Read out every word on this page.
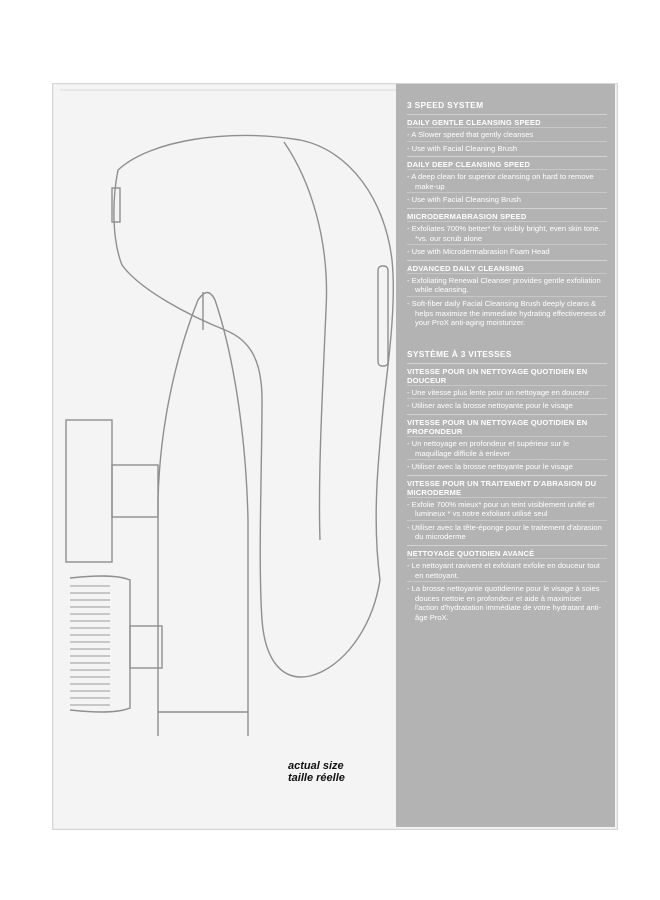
actual size
taille réelle
3 SPEED SYSTEM
DAILY GENTLE CLEANSING SPEED
- A Slower speed that gently cleanses
- Use with Facial Cleaning Brush
DAILY DEEP CLEANSING SPEED
- A deep clean for superior cleansing on hard to remove make-up
- Use with Facial Cleansing Brush
MICRODERMABRASION SPEED
- Exfoliates 700% better* for visibly bright, even skin tone. *vs. our scrub alone
- Use with Microdermabrasion Foam Head
ADVANCED DAILY CLEANSING
- Exfoliating Renewal Cleanser provides gentle exfoliation while cleansing.
- Soft-fiber daily Facial Cleansing Brush deeply cleans & helps maximize the immediate hydrating effectiveness of your ProX anti-aging moisturizer.
SYSTÈME À 3 VITESSES
VITESSE POUR UN NETTOYAGE QUOTIDIEN EN DOUCEUR
- Une vitesse plus lente pour un nettoyage en douceur
- Utiliser avec la brosse nettoyante pour le visage
VITESSE POUR UN NETTOYAGE QUOTIDIEN EN PROFONDEUR
- Un nettoyage en profondeur et supérieur sur le maquillage difficile à enlever
- Utiliser avec la brosse nettoyante pour le visage
VITESSE POUR UN TRAITEMENT D'ABRASION DU MICRODERME
- Exfolie 700% mieux* pour un teint visiblement unifié et lumineux * vs notre exfoliant utilisé seul
- Utiliser avec la tête-éponge pour le traitement d'abrasion du microderme
NETTOYAGE QUOTIDIEN AVANCÉ
- Le nettoyant ravivent et exfoliant exfolie en douceur tout en nettoyant.
- La brosse nettoyante quotidienne pour le visage à soies douces nettoie en profondeur et aide à maximiser l'action d'hydratation immédiate de votre hydratant anti-âge ProX.
